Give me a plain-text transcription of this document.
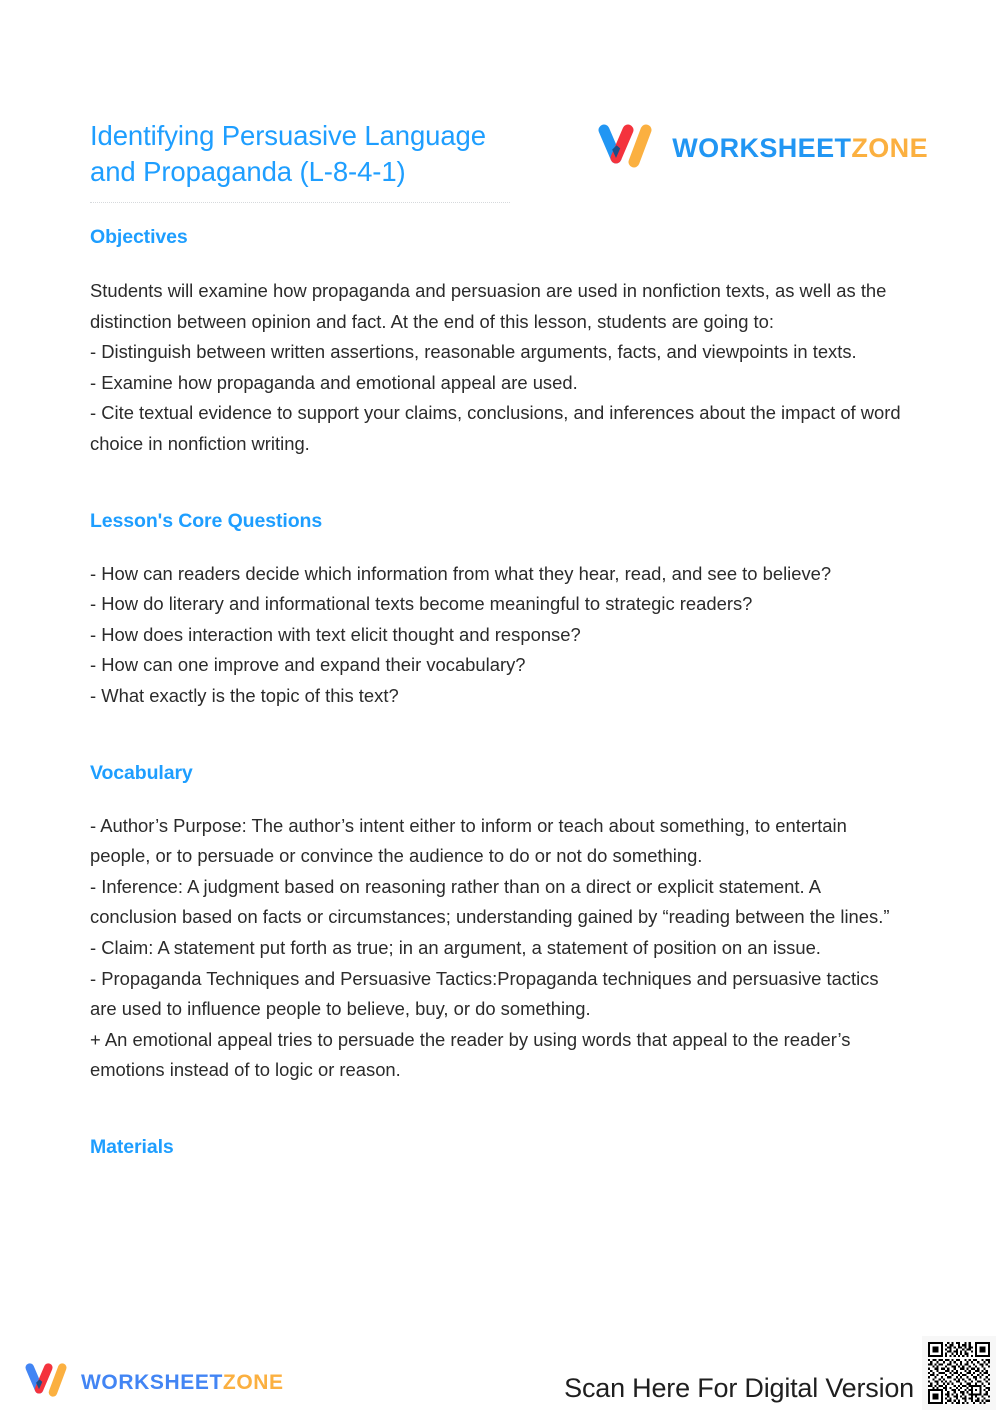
Identifying Persuasive Language
and Propaganda (L-8-4-1)
WORKSHEETZONE
Objectives

Students will examine how propaganda and persuasion are used in nonfiction texts, as well as the distinction between opinion and fact. At the end of this lesson, students are going to:
- Distinguish between written assertions, reasonable arguments, facts, and viewpoints in texts.
- Examine how propaganda and emotional appeal are used.
- Cite textual evidence to support your claims, conclusions, and inferences about the impact of word choice in nonfiction writing.

Lesson's Core Questions

- How can readers decide which information from what they hear, read, and see to believe?
- How do literary and informational texts become meaningful to strategic readers?
- How does interaction with text elicit thought and response?
- How can one improve and expand their vocabulary?
- What exactly is the topic of this text?

Vocabulary

- Author’s Purpose: The author’s intent either to inform or teach about something, to entertain people, or to persuade or convince the audience to do or not do something.
- Inference: A judgment based on reasoning rather than on a direct or explicit statement. A conclusion based on facts or circumstances; understanding gained by “reading between the lines.”
- Claim: A statement put forth as true; in an argument, a statement of position on an issue.
- Propaganda Techniques and Persuasive Tactics:Propaganda techniques and persuasive tactics are used to influence people to believe, buy, or do something.
+ An emotional appeal tries to persuade the reader by using words that appeal to the reader’s emotions instead of to logic or reason.

Materials
WORKSHEETZONE	Scan Here For Digital Version
